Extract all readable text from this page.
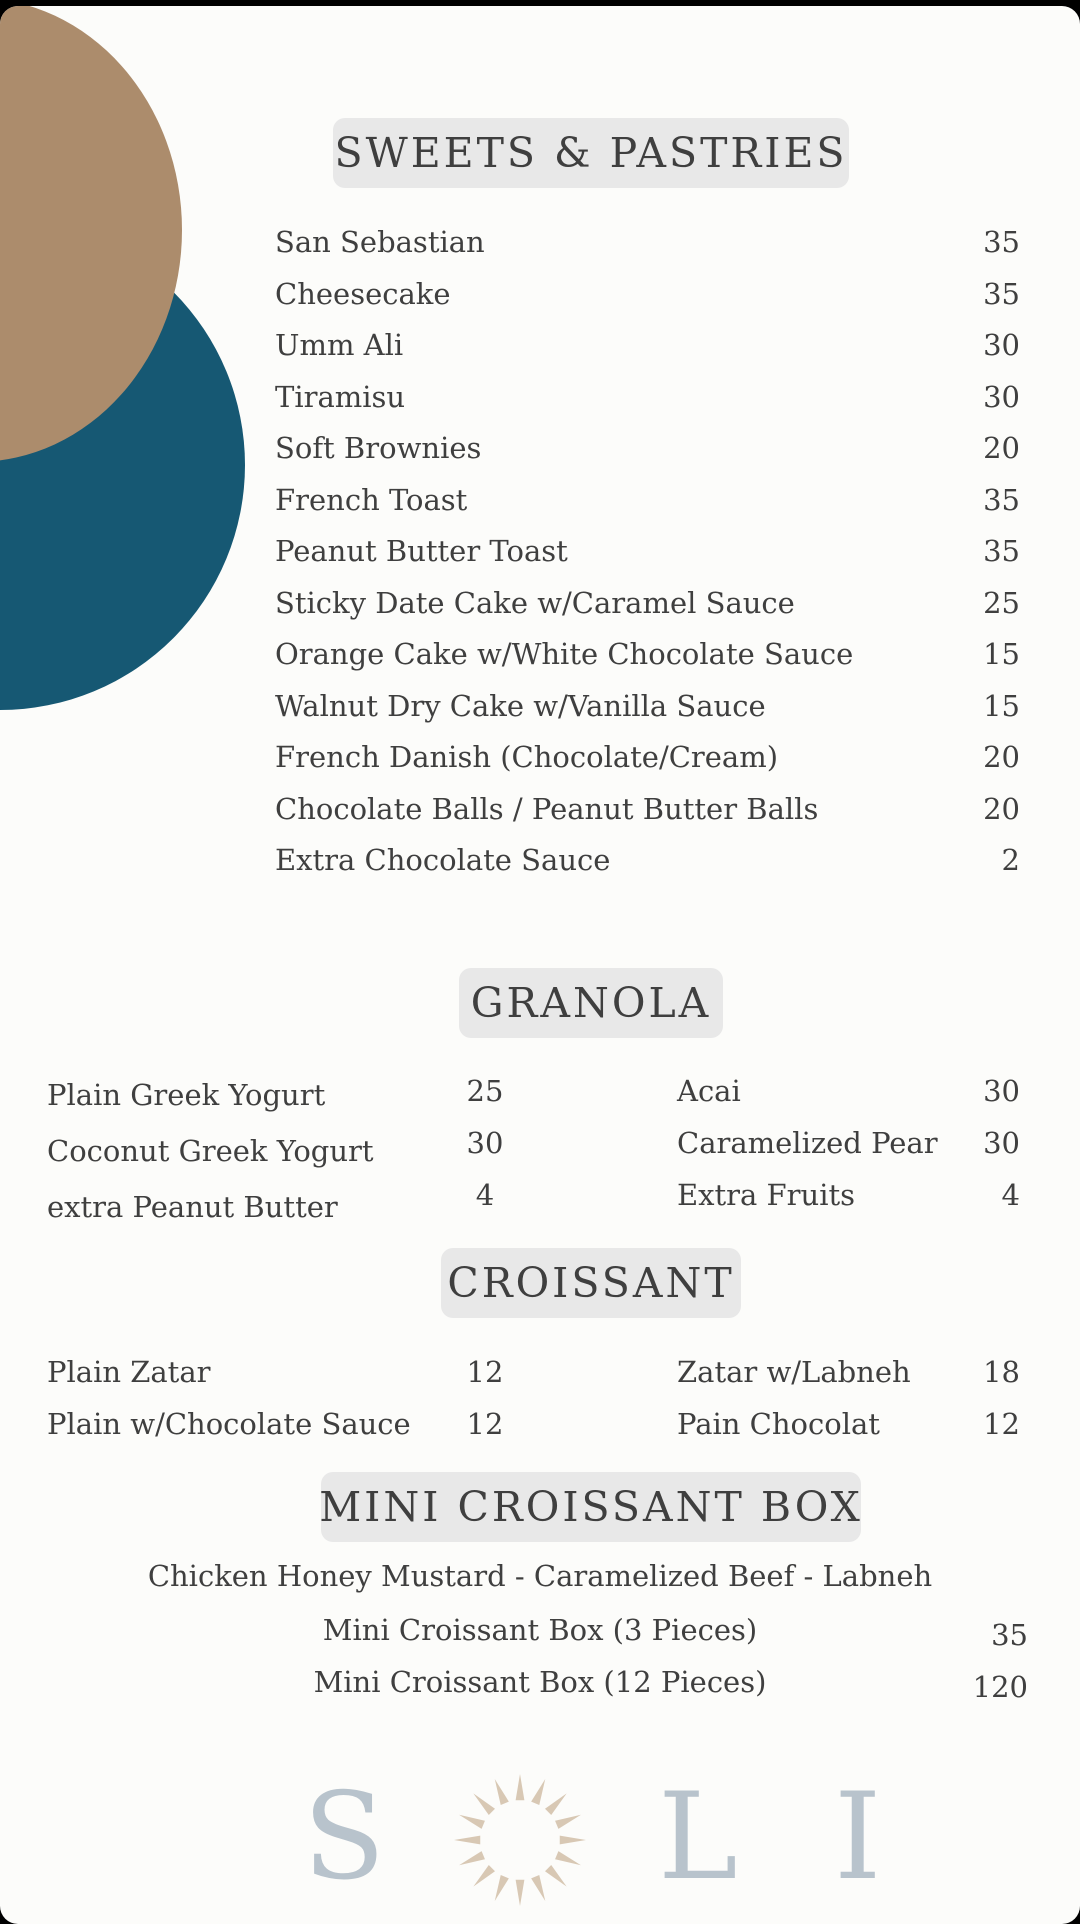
SWEETS & PASTRIES
San Sebastian	35
Cheesecake	35
Umm Ali	30
Tiramisu	30
Soft Brownies	20
French Toast	35
Peanut Butter Toast	35
Sticky Date Cake w/Caramel Sauce	25
Orange Cake w/White Chocolate Sauce	15
Walnut Dry Cake w/Vanilla Sauce	15
French Danish (Chocolate/Cream)	20
Chocolate Balls / Peanut Butter Balls	20
Extra Chocolate Sauce	2
GRANOLA
Plain Greek Yogurt	25
Coconut Greek Yogurt	30
extra Peanut Butter	4
Acai	30
Caramelized Pear	30
Extra Fruits	4
CROISSANT
Plain Zatar	12
Plain w/Chocolate Sauce	12
Zatar w/Labneh	18
Pain Chocolat	12
MINI CROISSANT BOX
Chicken Honey Mustard - Caramelized Beef - Labneh
Mini Croissant Box (3 Pieces)	35
Mini Croissant Box (12 Pieces)	120
S L I
